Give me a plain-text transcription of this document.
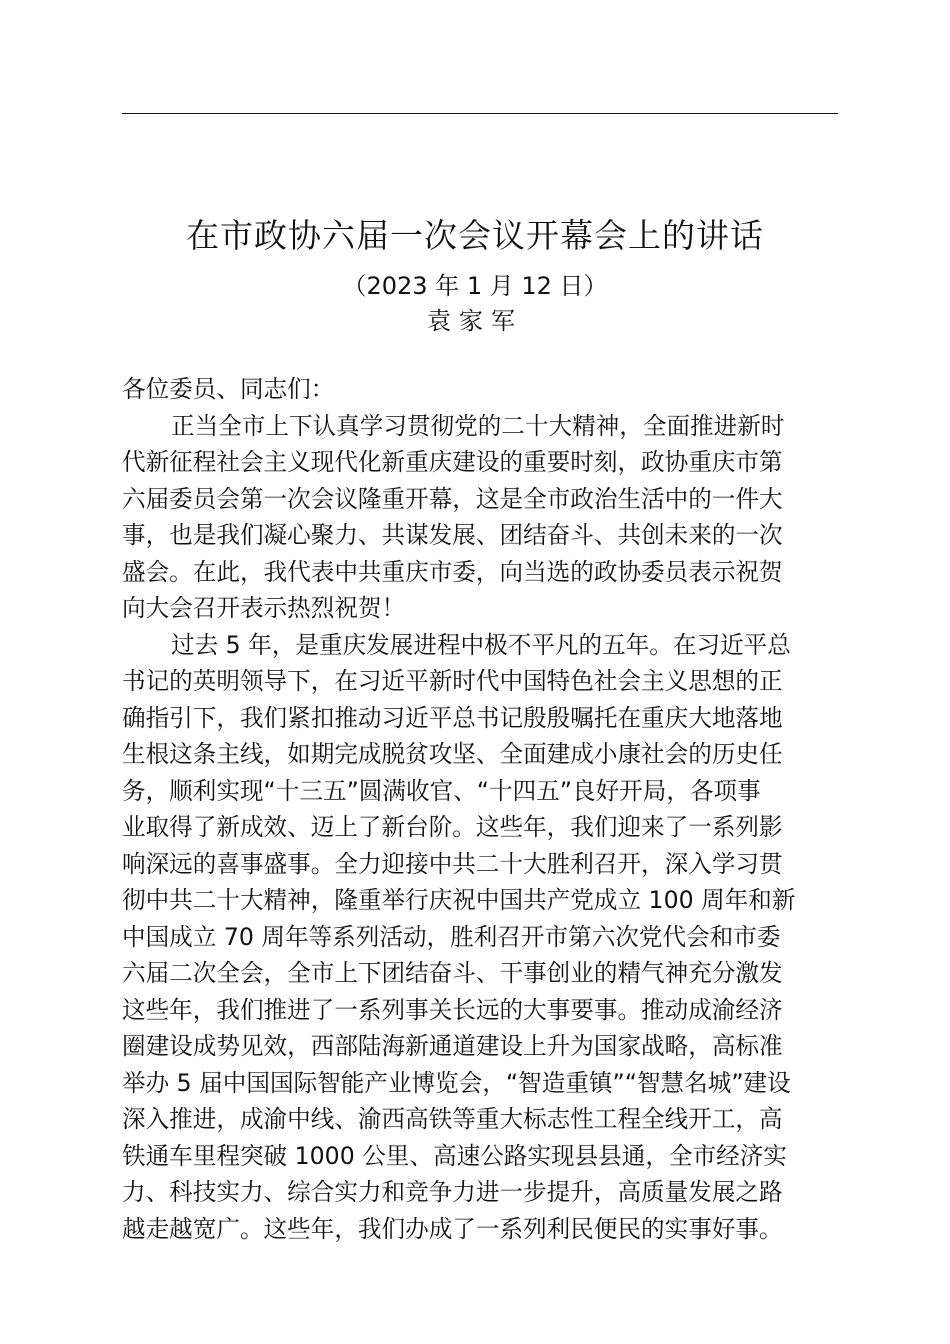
在市政协六届一次会议开幕会上的讲话
（2023 年 1 月 12 日）
袁家军
各位委员、同志们：
正当全市上下认真学习贯彻党的二十大精神，全面推进新时
代新征程社会主义现代化新重庆建设的重要时刻，政协重庆市第
六届委员会第一次会议隆重开幕，这是全市政治生活中的一件大
事，也是我们凝心聚力、共谋发展、团结奋斗、共创未来的一次
盛会。在此，我代表中共重庆市委，向当选的政协委员表示祝贺
向大会召开表示热烈祝贺！
过去 5 年，是重庆发展进程中极不平凡的五年。在习近平总
书记的英明领导下，在习近平新时代中国特色社会主义思想的正
确指引下，我们紧扣推动习近平总书记殷殷嘱托在重庆大地落地
生根这条主线，如期完成脱贫攻坚、全面建成小康社会的历史任
务，顺利实现“十三五”圆满收官、“十四五”良好开局，各项事
业取得了新成效、迈上了新台阶。这些年，我们迎来了一系列影
响深远的喜事盛事。全力迎接中共二十大胜利召开，深入学习贯
彻中共二十大精神，隆重举行庆祝中国共产党成立 100 周年和新
中国成立 70 周年等系列活动，胜利召开市第六次党代会和市委
六届二次全会，全市上下团结奋斗、干事创业的精气神充分激发
这些年，我们推进了一系列事关长远的大事要事。推动成渝经济
圈建设成势见效，西部陆海新通道建设上升为国家战略，高标准
举办 5 届中国国际智能产业博览会，“智造重镇”“智慧名城”建设
深入推进，成渝中线、渝西高铁等重大标志性工程全线开工，高
铁通车里程突破 1000 公里、高速公路实现县县通，全市经济实
力、科技实力、综合实力和竞争力进一步提升，高质量发展之路
越走越宽广。这些年，我们办成了一系列利民便民的实事好事。
